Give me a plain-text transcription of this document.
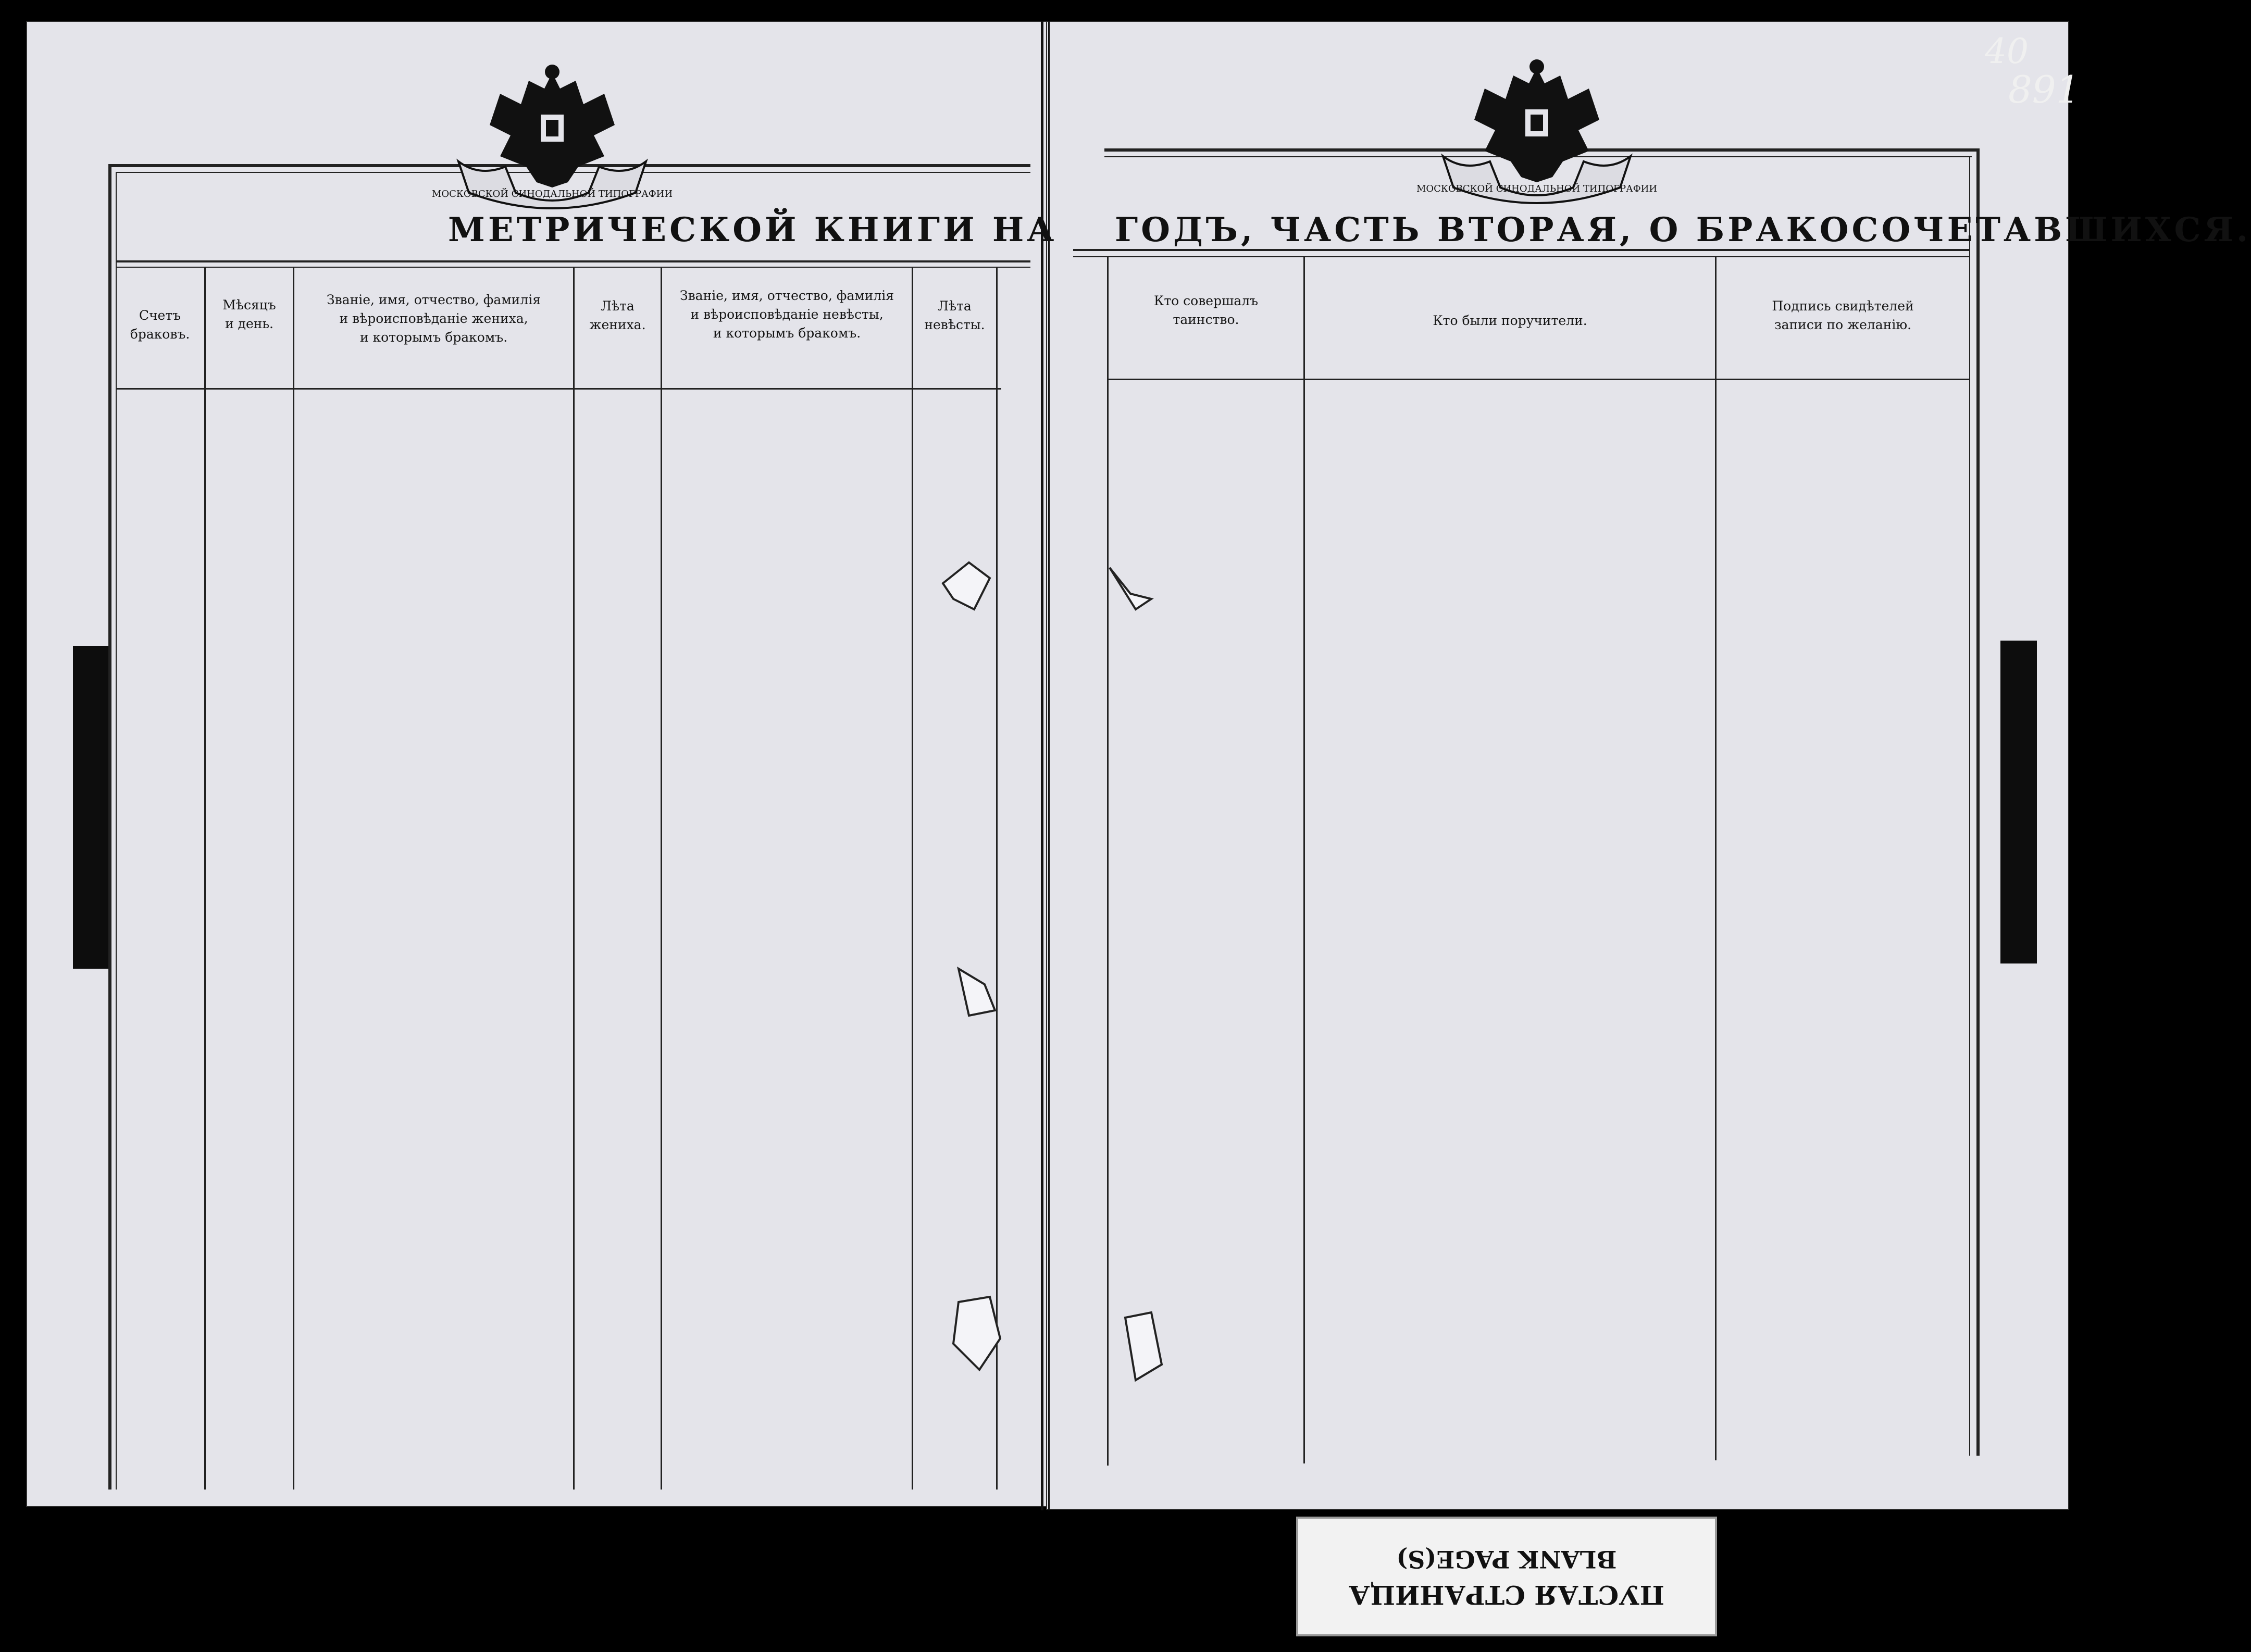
МЕТРИЧЕСКОЙ КНИГИ НА
Счетъ
браковъ.
Мѣсяцъ
и день.
Званіе, имя, отчество, фамилія
и вѣроисповѣданіе жениха,
и которымъ бракомъ.
Лѣта
жениха.
Званіе, имя, отчество, фамилія
и вѣроисповѣданіе невѣсты,
и которымъ бракомъ.
Лѣта
невѣсты.
МОСКОВСКОЙ СИНОДАЛЬНОЙ ТИПОГРАФИИ
ГОДЪ, ЧАСТЬ ВТОРАЯ, О БРАКОСОЧЕТАВШИХСЯ.
Кто совершалъ
таинство.	Кто были поручители.
Подпись свидѣтелей
записи по желанію.
МОСКОВСКОЙ СИНОДАЛЬНОЙ ТИПОГРАФИИ
40
891
ПУСТАЯ СТРАНИЦА
BLANK PAGE(S)
